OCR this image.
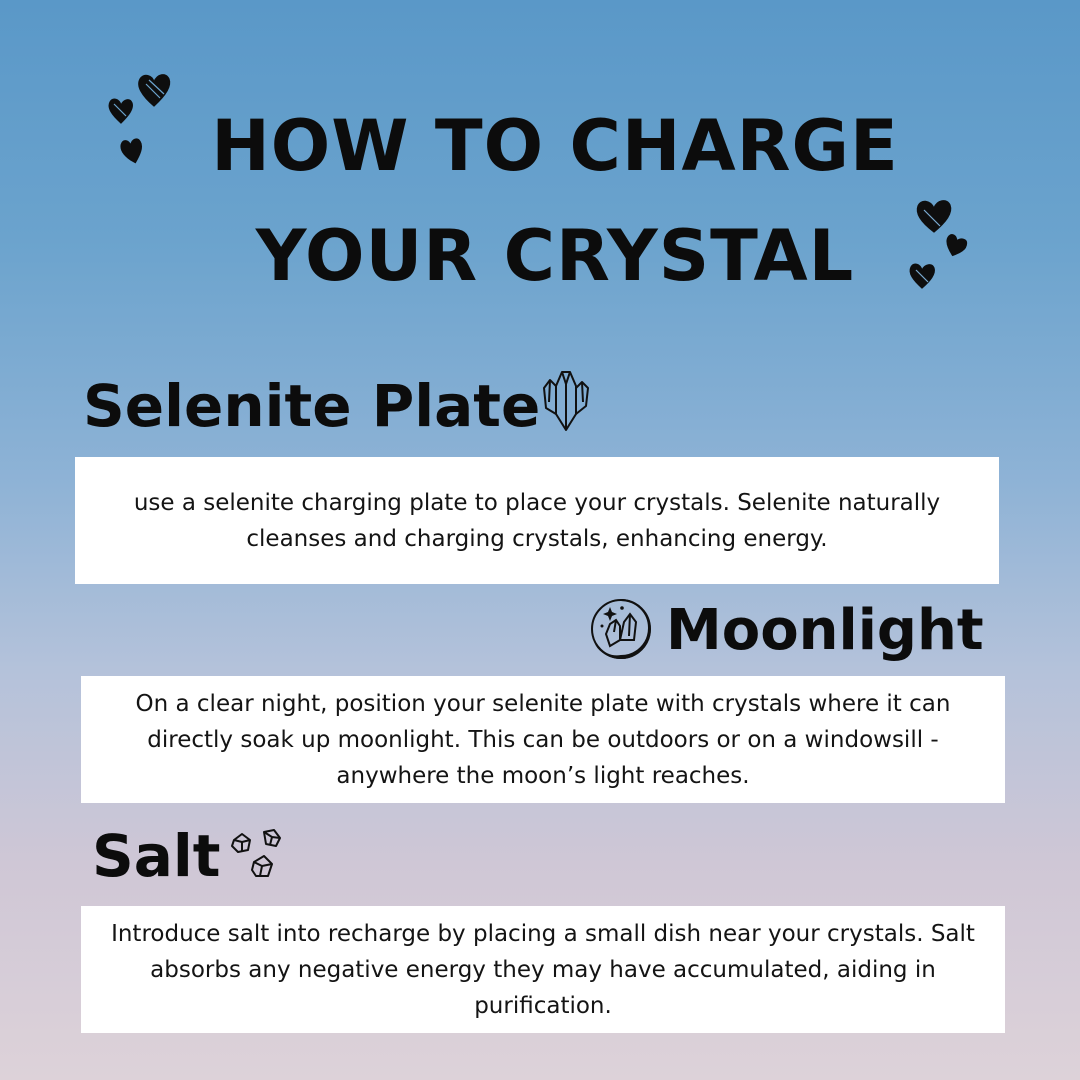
HOW TO CHARGE
YOUR CRYSTAL
Selenite Plate

use a selenite charging plate to place your crystals. Selenite naturally cleanses and charging crystals, enhancing energy.

Moonlight

On a clear night, position your selenite plate with crystals where it can directly soak up moonlight. This can be outdoors or on a windowsill - anywhere the moon’s light reaches.

Salt

Introduce salt into recharge by placing a small dish near your crystals. Salt absorbs any negative energy they may have accumulated, aiding in purification.
